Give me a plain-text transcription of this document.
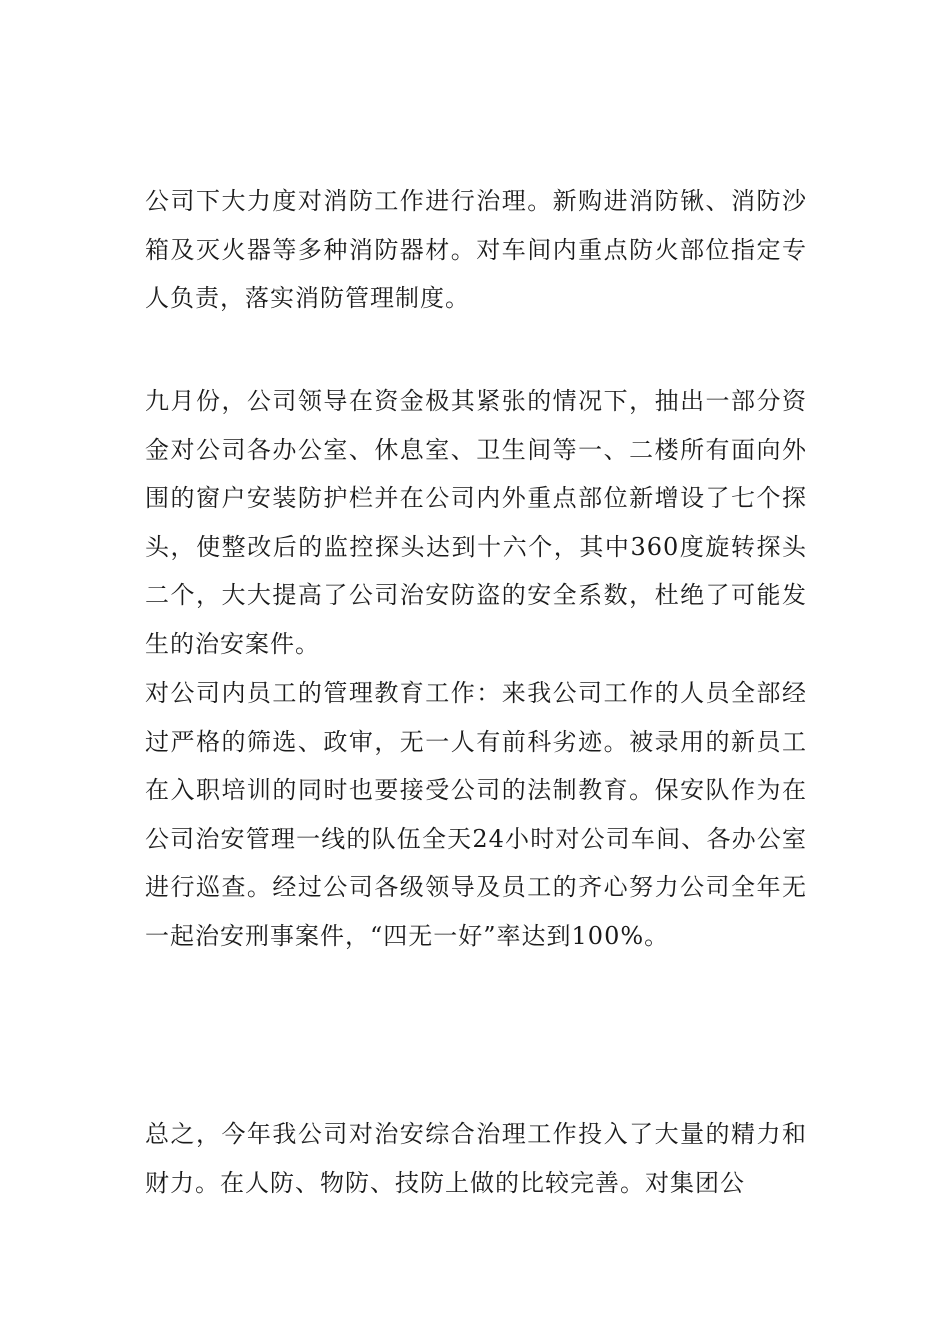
公司下大力度对消防工作进行治理。新购进消防锹、消防沙箱及灭火器等多种消防器材。对车间内重点防火部位指定专人负责，落实消防管理制度。

九月份，公司领导在资金极其紧张的情况下，抽出一部分资金对公司各办公室、休息室、卫生间等一、二楼所有面向外围的窗户安装防护栏并在公司内外重点部位新增设了七个探头，使整改后的监控探头达到十六个，其中360度旋转探头二个，大大提高了公司治安防盗的安全系数，杜绝了可能发生的治安案件。

对公司内员工的管理教育工作：来我公司工作的人员全部经过严格的筛选、政审，无一人有前科劣迹。被录用的新员工在入职培训的同时也要接受公司的法制教育。保安队作为在公司治安管理一线的队伍全天24小时对公司车间、各办公室进行巡查。经过公司各级领导及员工的齐心努力公司全年无一起治安刑事案件，“四无一好”率达到100%。

总之，今年我公司对治安综合治理工作投入了大量的精力和财力。在人防、物防、技防上做的比较完善。对集团公
